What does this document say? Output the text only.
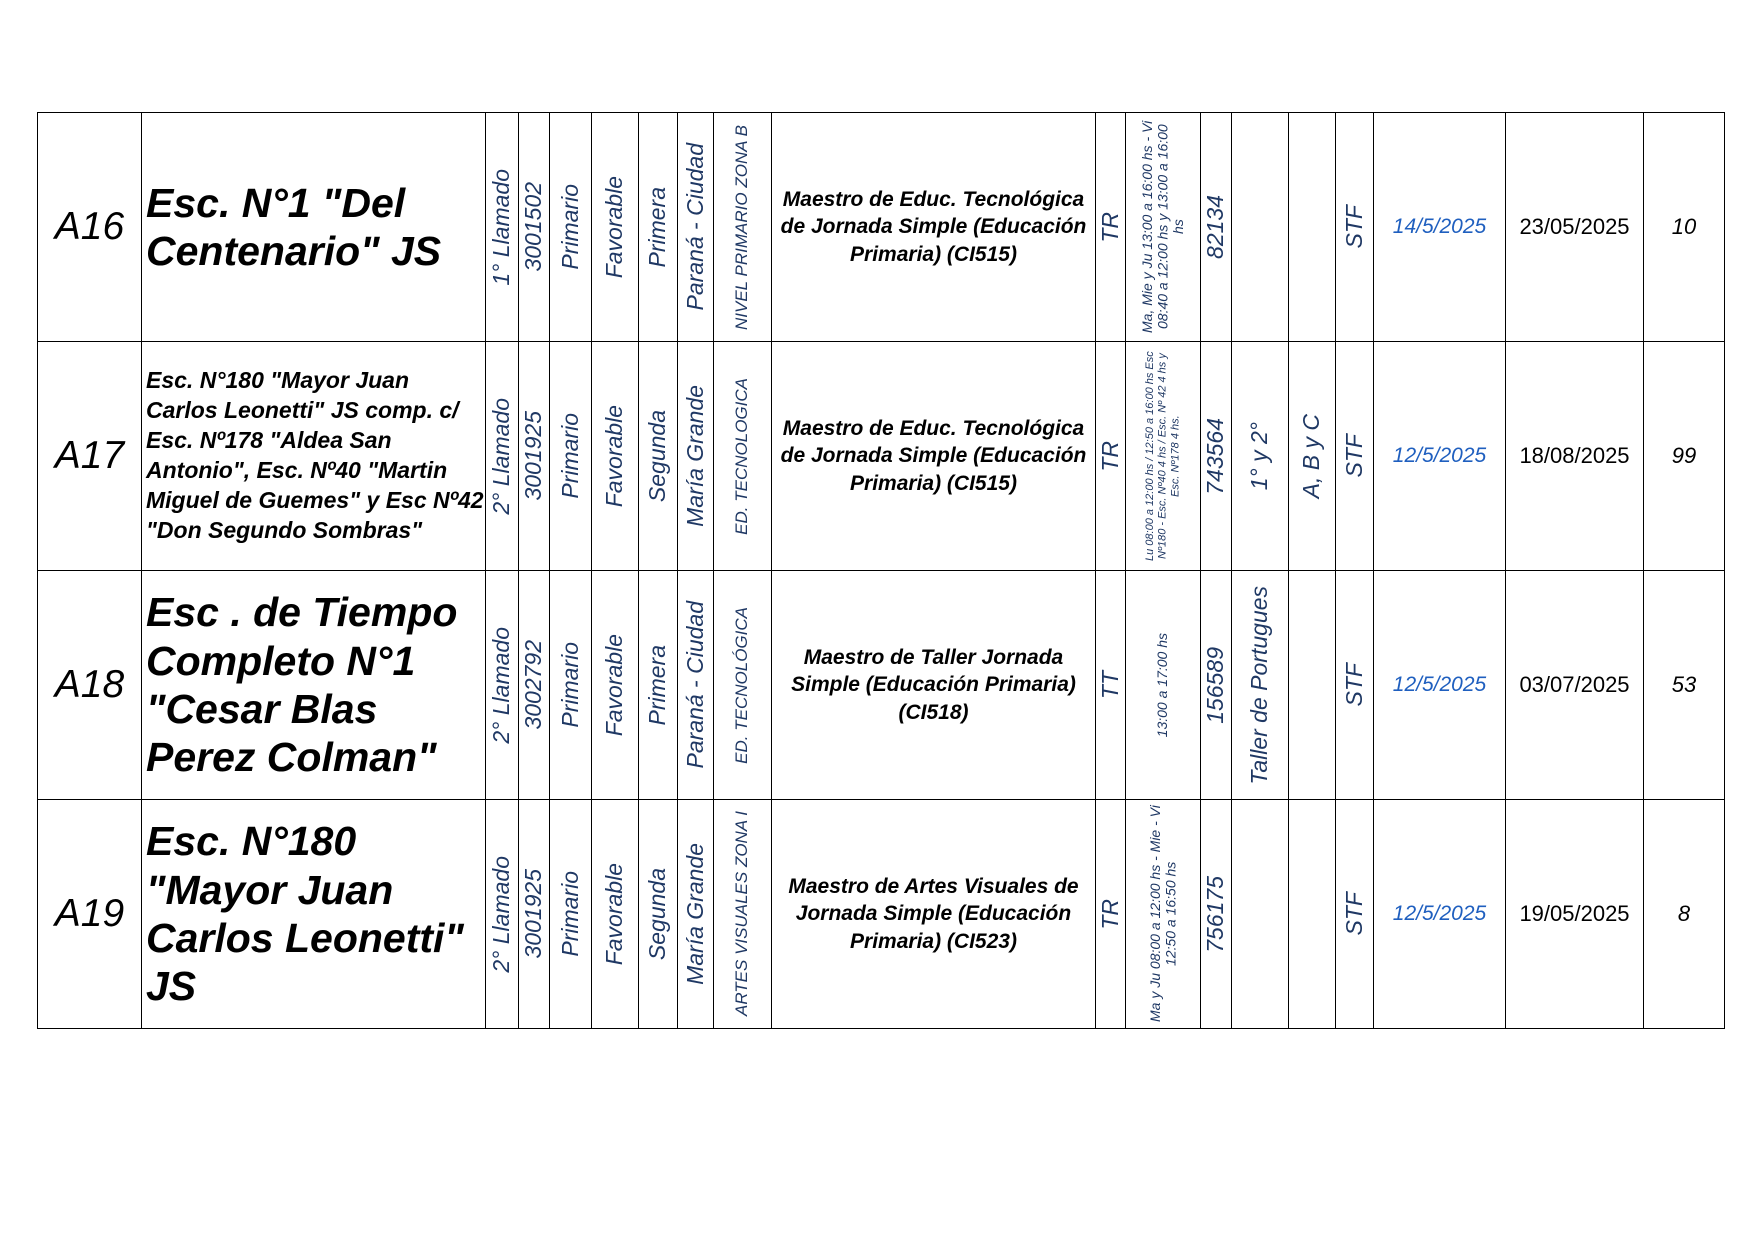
A16	Esc. N°1 "Del Centenario" JS	1° Llamado	3001502	Primario	Favorable	Primera	Paraná - Ciudad	NIVEL PRIMARIO ZONA B	Maestro de Educ. Tecnológica de Jornada Simple (Educación Primaria) (CI515)	TR	Ma, Mie y Ju 13:00 a 16:00 hs - Vi 08:40 a 12:00 hs y 13:00 a 16:00 hs	82134			STF	14/5/2025	23/05/2025	10
A17	Esc. N°180 "Mayor Juan Carlos Leonetti" JS comp. c/ Esc. Nº178 "Aldea San Antonio", Esc. Nº40 "Martin Miguel de Guemes" y Esc Nº42 "Don Segundo Sombras"	2° Llamado	3001925	Primario	Favorable	Segunda	María Grande	ED. TECNOLOGICA	Maestro de Educ. Tecnológica de Jornada Simple (Educación Primaria) (CI515)	TR	Lu 08:00 a 12:00 hs / 12:50 a 16:00 hs Esc Nº180 - Esc. Nº40 4 hs / Esc. Nº 42 4 hs y Esc. Nº178 4 hs.	743564	1° y 2°	A, B y C	STF	12/5/2025	18/08/2025	99
A18	Esc . de Tiempo Completo N°1 "Cesar Blas Perez Colman"	2° Llamado	3002792	Primario	Favorable	Primera	Paraná - Ciudad	ED. TECNOLÓGICA	Maestro de Taller Jornada Simple (Educación Primaria) (CI518)	TT	13:00 a 17:00 hs	156589	Taller de Portugues		STF	12/5/2025	03/07/2025	53
A19	Esc. N°180 "Mayor Juan Carlos Leonetti" JS	2° Llamado	3001925	Primario	Favorable	Segunda	María Grande	ARTES VISUALES ZONA I	Maestro de Artes Visuales de Jornada Simple (Educación Primaria) (CI523)	TR	Ma y Ju 08:00 a 12:00 hs - Mie - Vi 12:50 a 16:50 hs	756175			STF	12/5/2025	19/05/2025	8
